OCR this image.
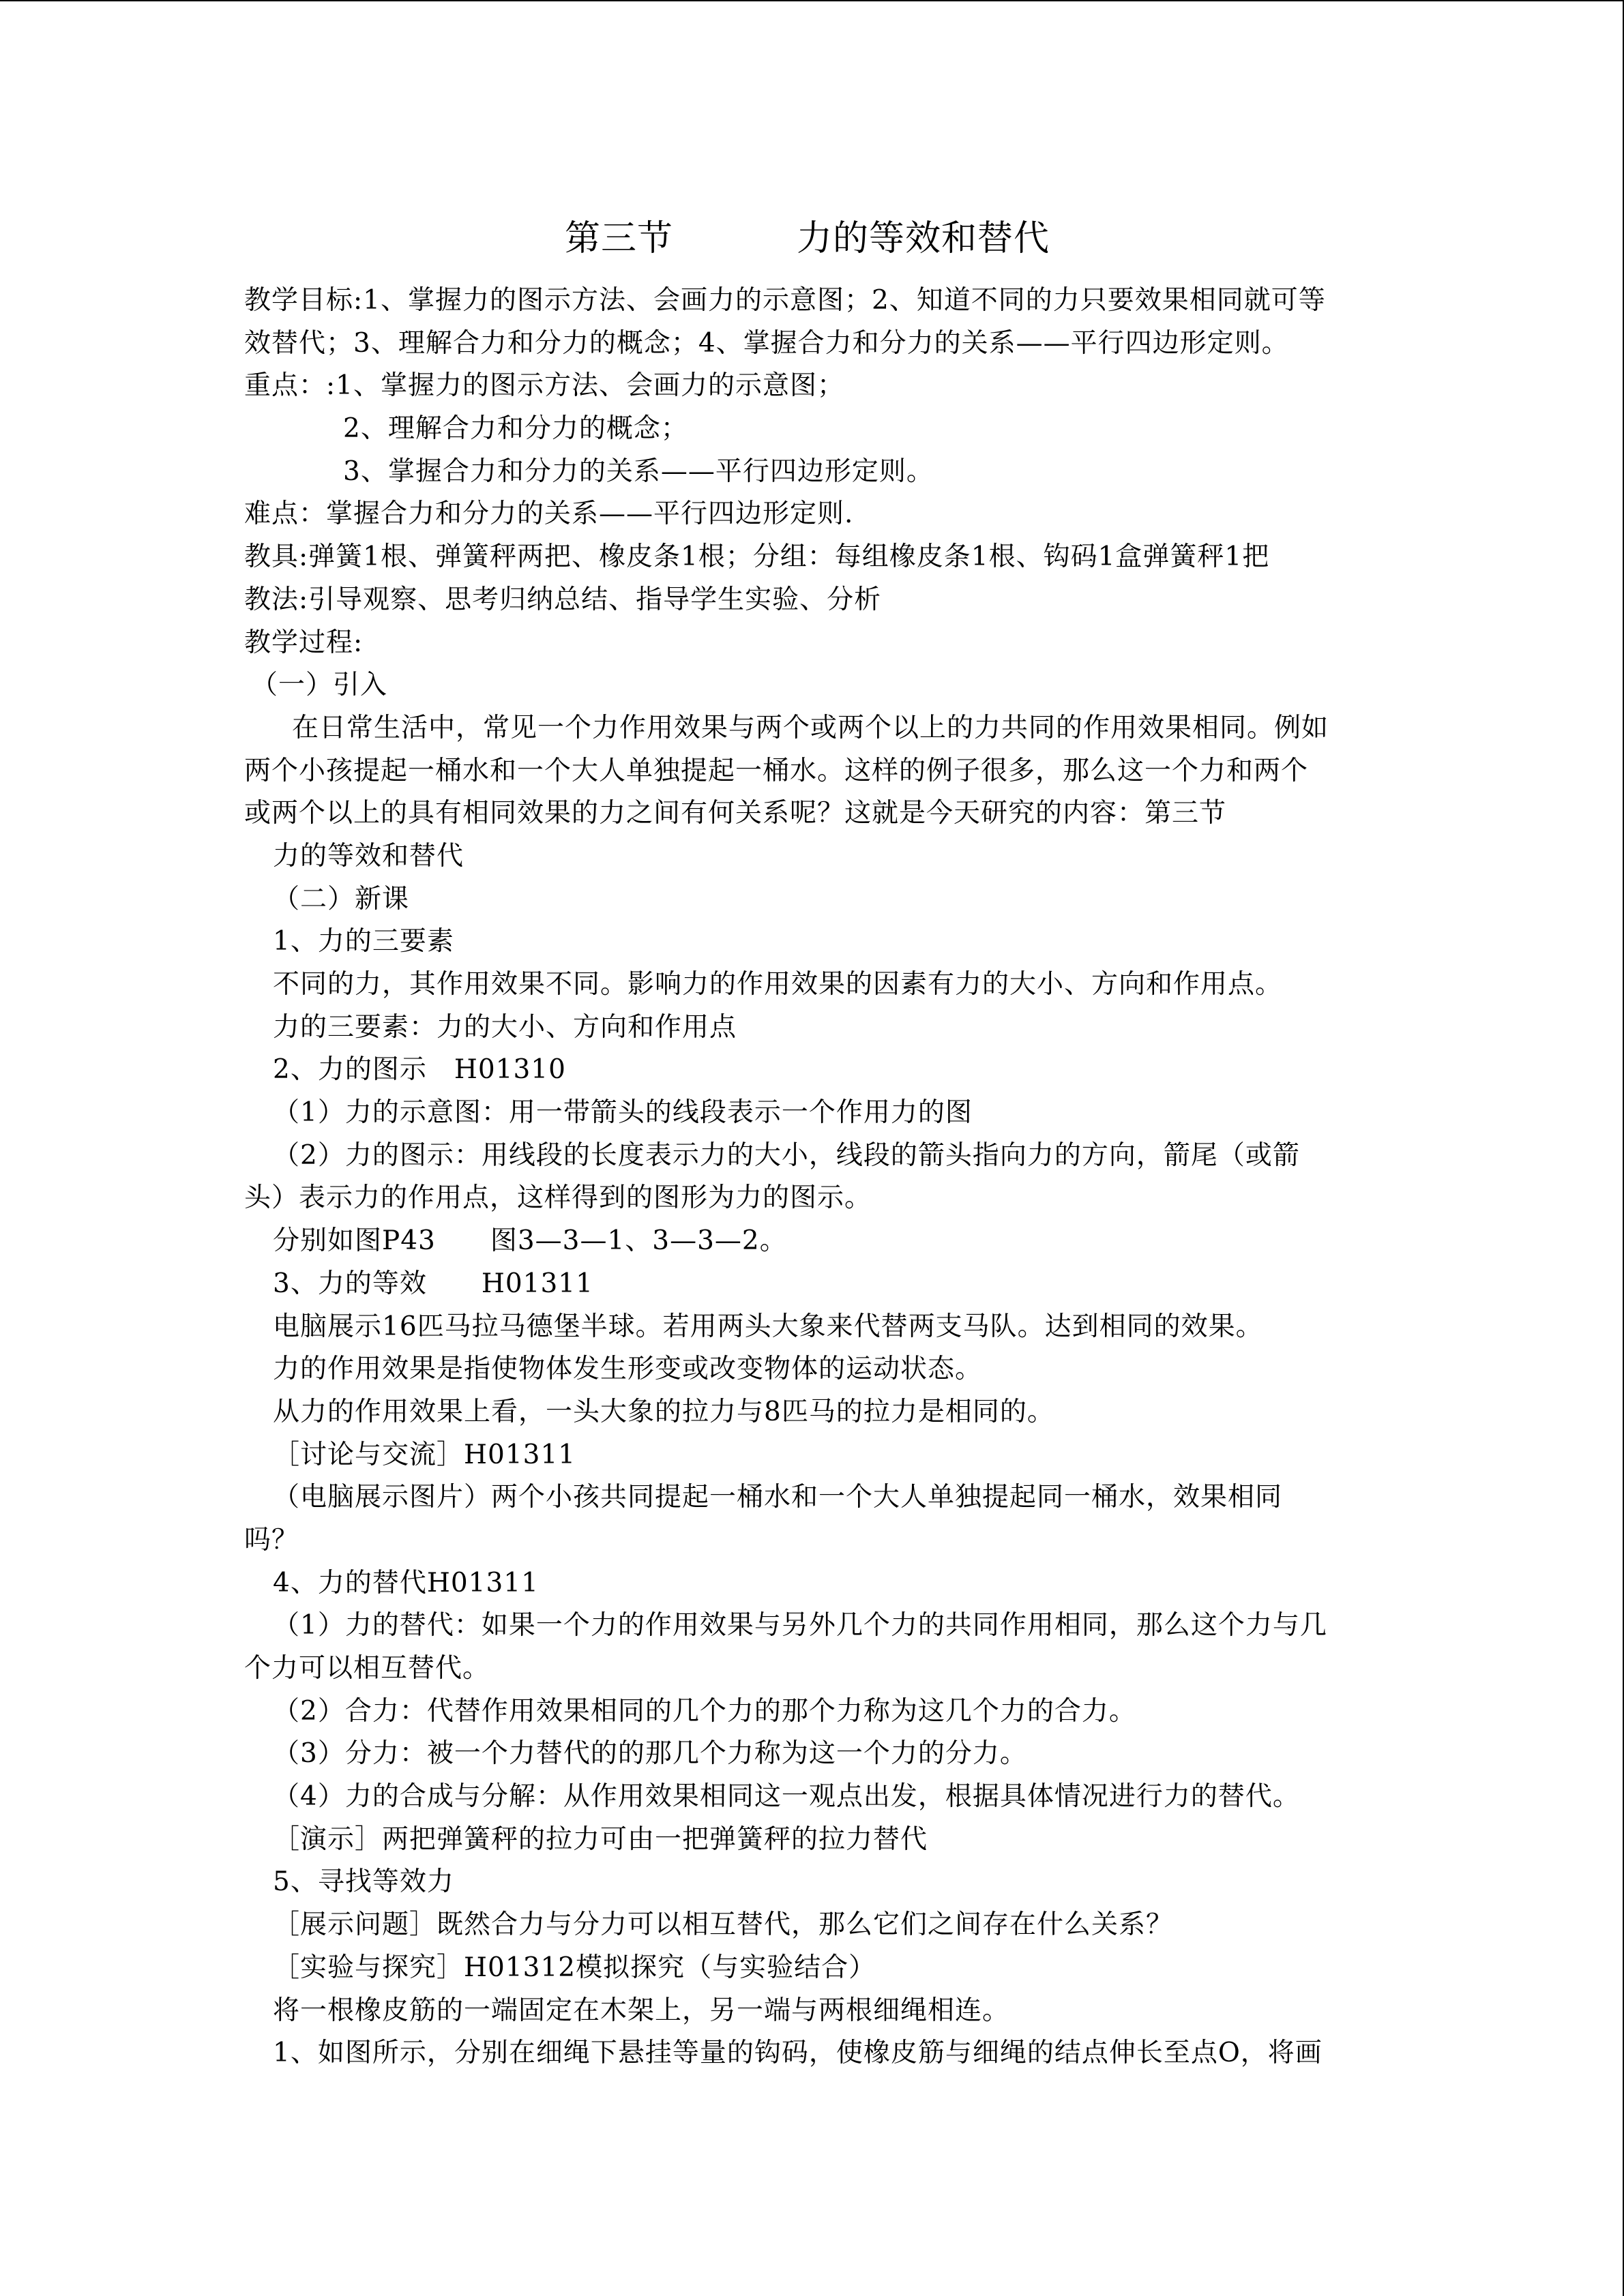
第三节	力的等效和替代
教学目标:1、掌握力的图示方法、会画力的示意图；2、知道不同的力只要效果相同就可等
效替代；3、理解合力和分力的概念；4、掌握合力和分力的关系——平行四边形定则。
重点：:1、掌握力的图示方法、会画力的示意图；
2、理解合力和分力的概念；
3、掌握合力和分力的关系——平行四边形定则。
难点：掌握合力和分力的关系——平行四边形定则.
教具:弹簧1根、弹簧秤两把、橡皮条1根；分组：每组橡皮条1根、钩码1盒弹簧秤1把
教法:引导观察、思考归纳总结、指导学生实验、分析
教学过程:
（一）引入
在日常生活中，常见一个力作用效果与两个或两个以上的力共同的作用效果相同。例如
两个小孩提起一桶水和一个大人单独提起一桶水。这样的例子很多，那么这一个力和两个
或两个以上的具有相同效果的力之间有何关系呢？这就是今天研究的内容：第三节
力的等效和替代
（二）新课
1、力的三要素
不同的力，其作用效果不同。影响力的作用效果的因素有力的大小、方向和作用点。
力的三要素：力的大小、方向和作用点
2、力的图示　H01310
（1）力的示意图：用一带箭头的线段表示一个作用力的图
（2）力的图示：用线段的长度表示力的大小，线段的箭头指向力的方向，箭尾（或箭
头）表示力的作用点，这样得到的图形为力的图示。
分别如图P43　　图3—3—1、3—3—2。
3、力的等效　　H01311
电脑展示16匹马拉马德堡半球。若用两头大象来代替两支马队。达到相同的效果。
力的作用效果是指使物体发生形变或改变物体的运动状态。
从力的作用效果上看，一头大象的拉力与8匹马的拉力是相同的。
［讨论与交流］H01311
（电脑展示图片）两个小孩共同提起一桶水和一个大人单独提起同一桶水，效果相同
吗？
4、力的替代H01311
（1）力的替代：如果一个力的作用效果与另外几个力的共同作用相同，那么这个力与几
个力可以相互替代。
（2）合力：代替作用效果相同的几个力的那个力称为这几个力的合力。
（3）分力：被一个力替代的的那几个力称为这一个力的分力。
（4）力的合成与分解：从作用效果相同这一观点出发，根据具体情况进行力的替代。
［演示］两把弹簧秤的拉力可由一把弹簧秤的拉力替代
5、寻找等效力
［展示问题］既然合力与分力可以相互替代，那么它们之间存在什么关系？
［实验与探究］H01312模拟探究（与实验结合）
将一根橡皮筋的一端固定在木架上，另一端与两根细绳相连。
1、如图所示，分别在细绳下悬挂等量的钩码，使橡皮筋与细绳的结点伸长至点O，将画
